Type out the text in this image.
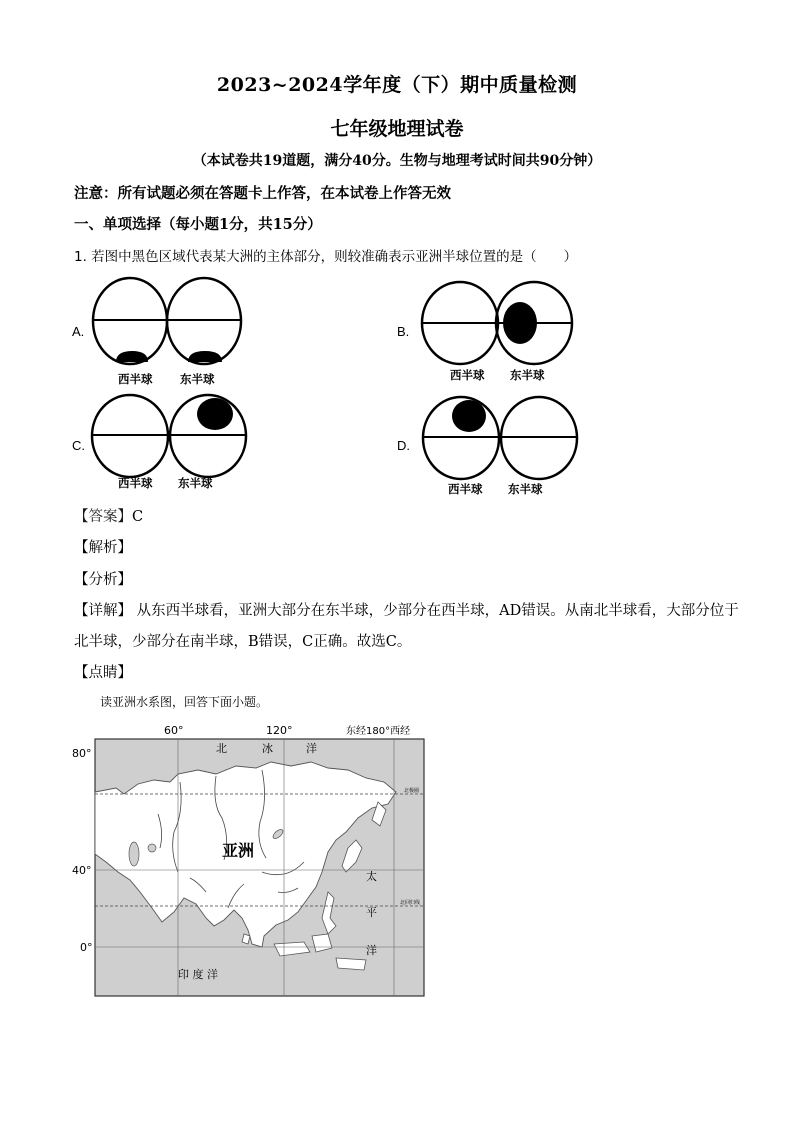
2023~2024学年度（下）期中质量检测
七年级地理试卷
（本试卷共19道题，满分40分。生物与地理考试时间共90分钟）
注意：所有试题必须在答题卡上作答，在本试卷上作答无效
一、单项选择（每小题1分，共15分）
1. 若图中黑色区域代表某大洲的主体部分，则较准确表示亚洲半球位置的是（　　）
A.
西半球 东半球
B.
西半球 东半球
C.
西半球 东半球
D.
西半球 东半球
【答案】C
【解析】
【分析】
【详解】 从东西半球看，亚洲大部分在东半球，少部分在西半球，AD错误。从南北半球看，大部分位于
北半球，少部分在南半球，B错误，C正确。故选C。
【点睛】
读亚洲水系图，回答下面小题。
60°	120°	东经180°西经
80°
40°
0°
北	冰	洋
亚洲
太
平
洋
印 度 洋
北极圈
北回归线
